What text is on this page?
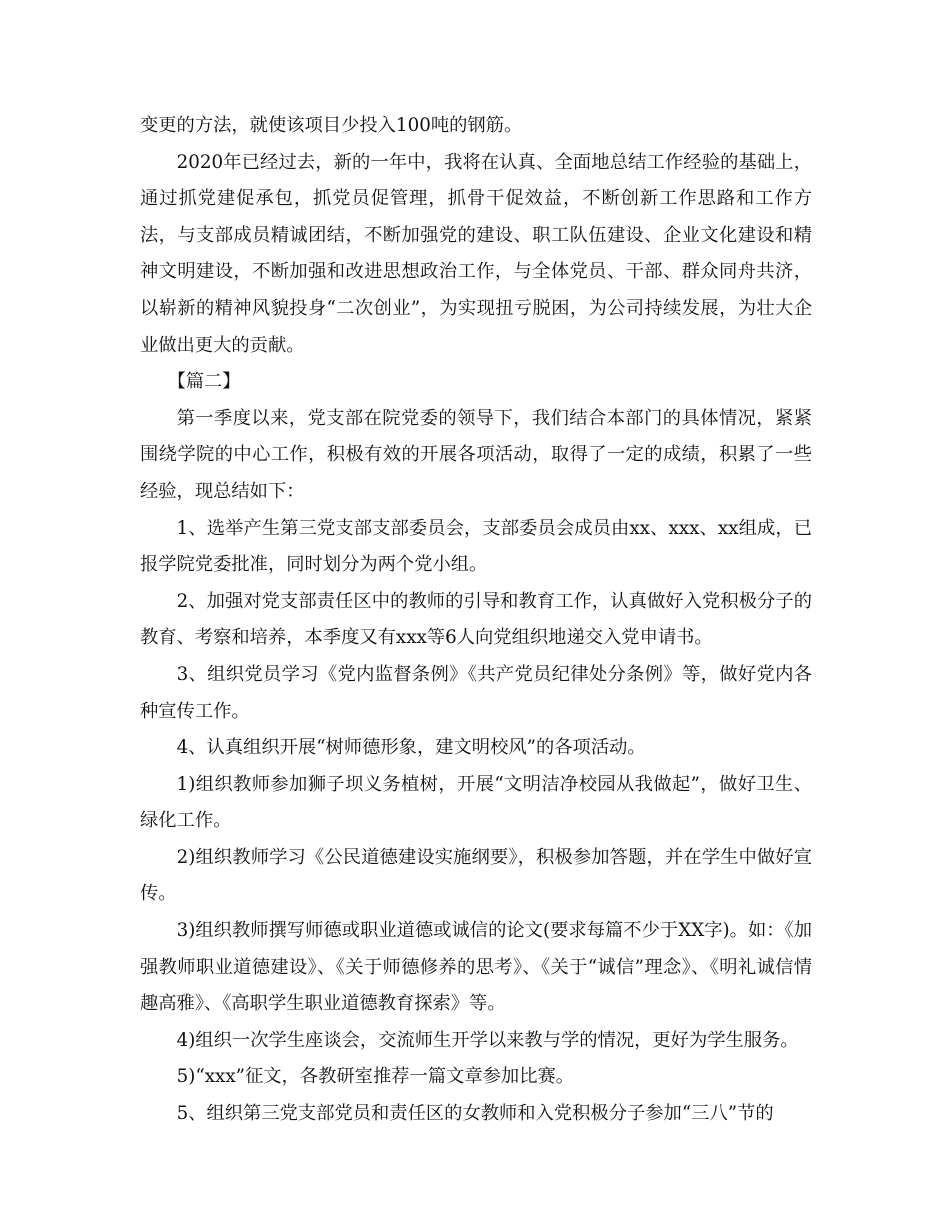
变更的方法，就使该项目少投入100吨的钢筋。

2020年已经过去，新的一年中，我将在认真、全面地总结工作经验的基础上，通过抓党建促承包，抓党员促管理，抓骨干促效益，不断创新工作思路和工作方法，与支部成员精诚团结，不断加强党的建设、职工队伍建设、企业文化建设和精神文明建设，不断加强和改进思想政治工作，与全体党员、干部、群众同舟共济，以崭新的精神风貌投身“二次创业”，为实现扭亏脱困，为公司持续发展，为壮大企业做出更大的贡献。

【篇二】

第一季度以来，党支部在院党委的领导下，我们结合本部门的具体情况，紧紧围绕学院的中心工作，积极有效的开展各项活动，取得了一定的成绩，积累了一些经验，现总结如下：

1、选举产生第三党支部支部委员会，支部委员会成员由xx、xxx、xx组成，已报学院党委批准，同时划分为两个党小组。

2、加强对党支部责任区中的教师的引导和教育工作，认真做好入党积极分子的教育、考察和培养，本季度又有xxx等6人向党组织地递交入党申请书。

3、组织党员学习《党内监督条例》《共产党员纪律处分条例》等，做好党内各种宣传工作。

4、认真组织开展“树师德形象，建文明校风”的各项活动。

1)组织教师参加狮子坝义务植树，开展“文明洁净校园从我做起”，做好卫生、绿化工作。

2)组织教师学习《公民道德建设实施纲要》，积极参加答题，并在学生中做好宣传。

3)组织教师撰写师德或职业道德或诚信的论文(要求每篇不少于XX字)。如：《加强教师职业道德建设》、《关于师德修养的思考》、《关于“诚信”理念》、《明礼诚信情趣高雅》、《高职学生职业道德教育探索》等。

4)组织一次学生座谈会，交流师生开学以来教与学的情况，更好为学生服务。

5)“xxx”征文，各教研室推荐一篇文章参加比赛。

5、组织第三党支部党员和责任区的女教师和入党积极分子参加“三八”节的
